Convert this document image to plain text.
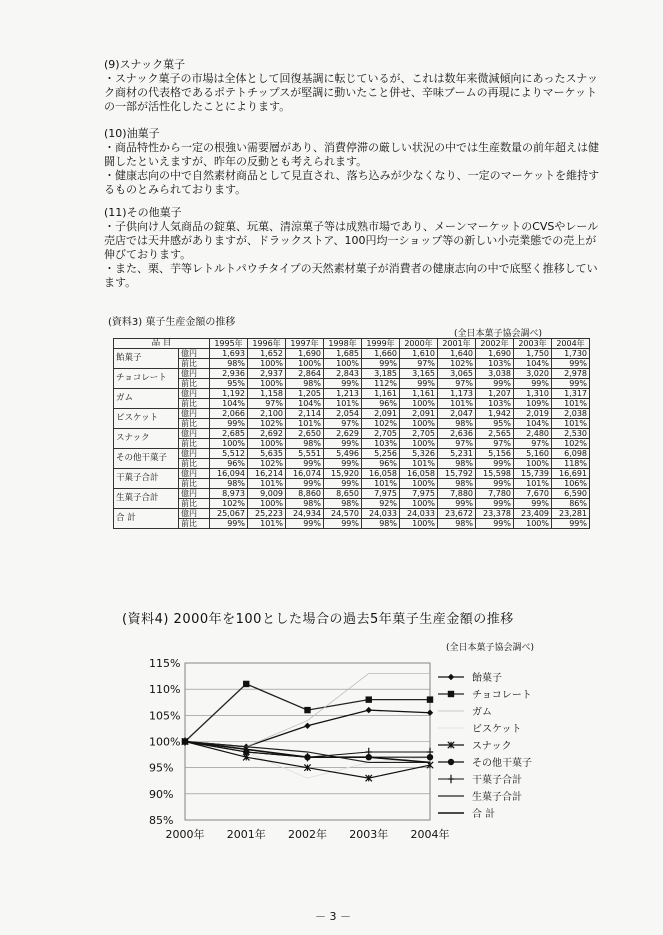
(9)スナック菓子
・スナック菓子の市場は全体として回復基調に転じているが、これは数年来微減傾向にあったスナック商材の代表格であるポテトチップスが堅調に動いたこと併せ、辛味ブームの再現によりマーケットの一部が活性化したことによります。
(10)油菓子
・商品特性から一定の根強い需要層があり、消費停滞の厳しい状況の中では生産数量の前年超えは健闘したといえますが、昨年の反動とも考えられます。
・健康志向の中で自然素材商品として見直され、落ち込みが少なくなり、一定のマーケットを維持するものとみられております。
(11)その他菓子
・子供向け人気商品の錠菓、玩菓、清涼菓子等は成熟市場であり、メーンマーケットのCVSやレール売店では天井感がありますが、ドラックストア、100円均一ショップ等の新しい小売業態での売上が伸びております。
・また、栗、芋等レトルトパウチタイプの天然素材菓子が消費者の健康志向の中で底堅く推移しています。
(資料3) 菓子生産金額の推移
(全日本菓子協会調べ)
品 目		1995年	1996年	1997年	1998年	1999年	2000年	2001年	2002年	2003年	2004年
飴菓子	億円	1,693	1,652	1,690	1,685	1,660	1,610	1,640	1,690	1,750	1,730
	前比	98%	100%	100%	100%	99%	97%	102%	103%	104%	99%
チョコレート	億円	2,936	2,937	2,864	2,843	3,185	3,165	3,065	3,038	3,020	2,978
	前比	95%	100%	98%	99%	112%	99%	97%	99%	99%	99%
ガム	億円	1,192	1,158	1,205	1,213	1,161	1,161	1,173	1,207	1,310	1,317
	前比	104%	97%	104%	101%	96%	100%	101%	103%	109%	101%
ビスケット	億円	2,066	2,100	2,114	2,054	2,091	2,091	2,047	1,942	2,019	2,038
	前比	99%	102%	101%	97%	102%	100%	98%	95%	104%	101%
スナック	億円	2,685	2,692	2,650	2,629	2,705	2,705	2,636	2,565	2,480	2,530
	前比	100%	100%	98%	99%	103%	100%	97%	97%	97%	102%
その他干菓子	億円	5,512	5,635	5,551	5,496	5,256	5,326	5,231	5,156	5,160	6,098
	前比	96%	102%	99%	99%	96%	101%	98%	99%	100%	118%
干菓子合計	億円	16,094	16,214	16,074	15,920	16,058	16,058	15,792	15,598	15,739	16,691
	前比	98%	101%	99%	99%	101%	100%	98%	99%	101%	106%
生菓子合計	億円	8,973	9,009	8,860	8,650	7,975	7,975	7,880	7,780	7,670	6,590
	前比	102%	100%	98%	98%	92%	100%	99%	99%	99%	86%
合 計	億円	25,067	25,223	24,934	24,570	24,033	24,033	23,672	23,378	23,409	23,281
	前比	99%	101%	99%	99%	98%	100%	98%	99%	100%	99%
(資料4) 2000年を100とした場合の過去5年菓子生産金額の推移
(全日本菓子協会調べ)
115%
110%
105%
100%
95%
90%
85%
2000年 2001年 2002年 2003年 2004年
飴菓子
チョコレート
ガム
ビスケット
スナック
その他干菓子
干菓子合計
生菓子合計
合 計
－ 3 －
